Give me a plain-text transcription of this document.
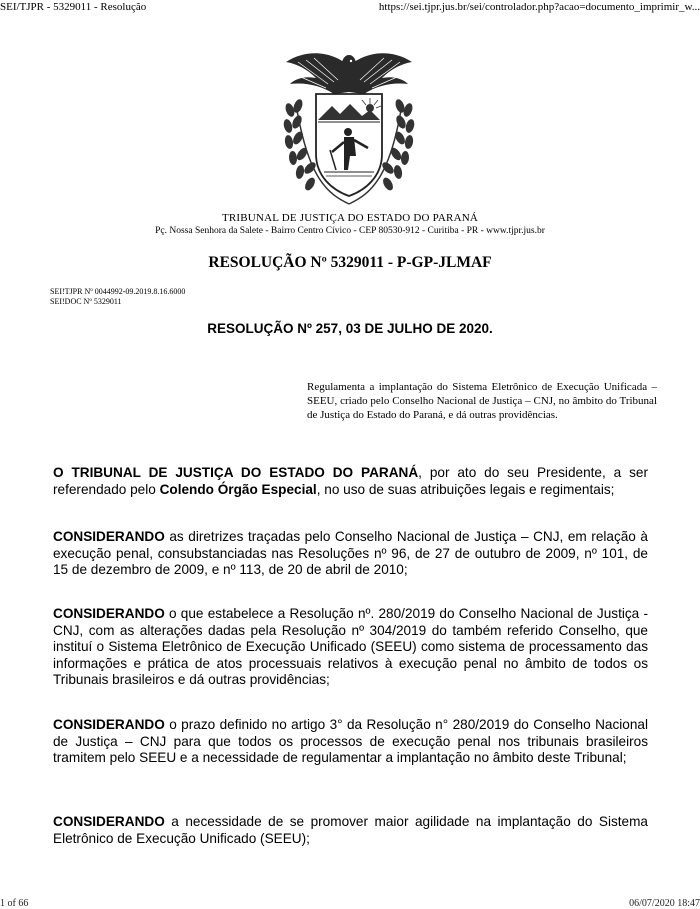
SEI/TJPR - 5329011 - Resolução	https://sei.tjpr.jus.br/sei/controlador.php?acao=documento_imprimir_w...
TRIBUNAL DE JUSTIÇA DO ESTADO DO PARANÁ
Pç. Nossa Senhora da Salete - Bairro Centro Cívico - CEP 80530-912 - Curitiba - PR - www.tjpr.jus.br
RESOLUÇÃO Nº 5329011 - P-GP-JLMAF
SEI!TJPR Nº 0044992-09.2019.8.16.6000
SEI!DOC Nº 5329011
RESOLUÇÃO Nº 257, 03 DE JULHO DE 2020.
Regulamenta a implantação do Sistema Eletrônico de Execução Unificada – SEEU, criado pelo Conselho Nacional de Justiça – CNJ, no âmbito do Tribunal de Justiça do Estado do Paraná, e dá outras providências.
O TRIBUNAL DE JUSTIÇA DO ESTADO DO PARANÁ, por ato do seu Presidente, a ser referendado pelo Colendo Órgão Especial, no uso de suas atribuições legais e regimentais;
CONSIDERANDO as diretrizes traçadas pelo Conselho Nacional de Justiça – CNJ, em relação à execução penal, consubstanciadas nas Resoluções nº 96, de 27 de outubro de 2009, nº 101, de 15 de dezembro de 2009, e nº 113, de 20 de abril de 2010;
CONSIDERANDO o que estabelece a Resolução nº. 280/2019 do Conselho Nacional de Justiça - CNJ, com as alterações dadas pela Resolução nº 304/2019 do também referido Conselho, que instituí o Sistema Eletrônico de Execução Unificado (SEEU) como sistema de processamento das informações e prática de atos processuais relativos à execução penal no âmbito de todos os Tribunais brasileiros e dá outras providências;
CONSIDERANDO o prazo definido no artigo 3° da Resolução n° 280/2019 do Conselho Nacional de Justiça – CNJ para que todos os processos de execução penal nos tribunais brasileiros tramitem pelo SEEU e a necessidade de regulamentar a implantação no âmbito deste Tribunal;
CONSIDERANDO a necessidade de se promover maior agilidade na implantação do Sistema Eletrônico de Execução Unificado (SEEU);
1 of 66	06/07/2020 18:47
